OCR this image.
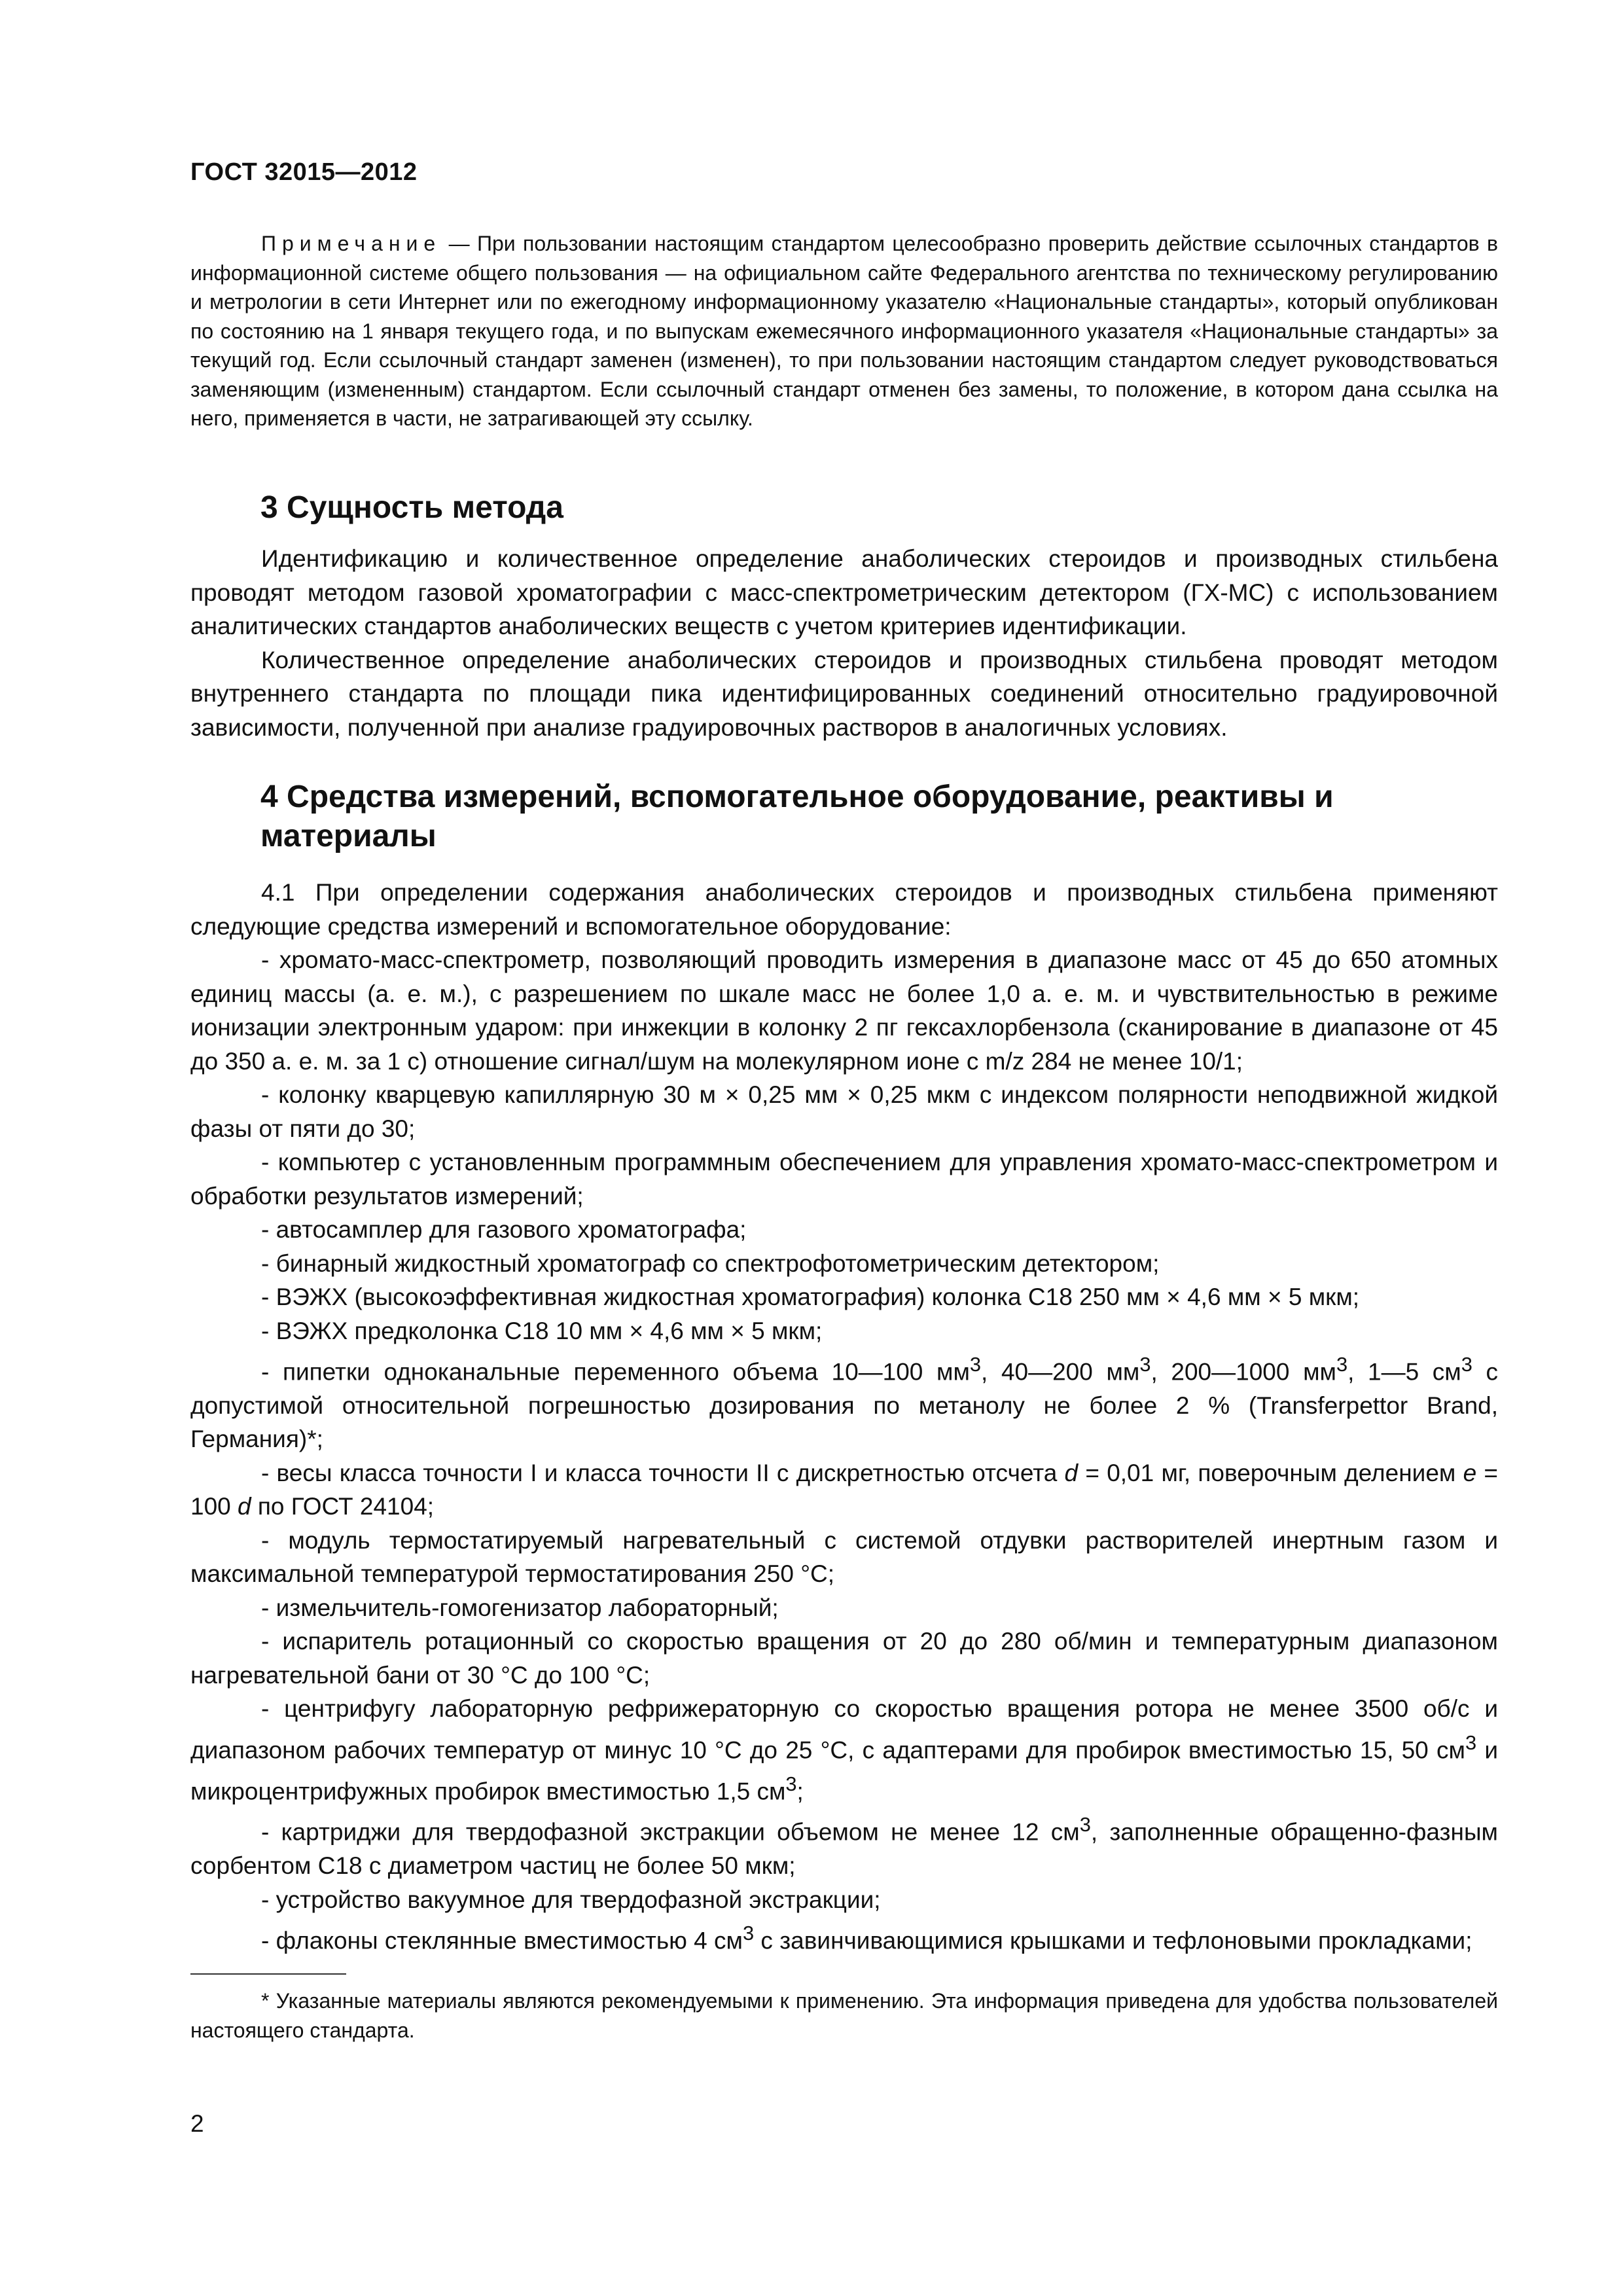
ГОСТ 32015—2012

Примечание — При пользовании настоящим стандартом целесообразно проверить действие ссылочных стандартов в информационной системе общего пользования — на официальном сайте Федерального агентства по техническому регулированию и метрологии в сети Интернет или по ежегодному информационному указателю «Национальные стандарты», который опубликован по состоянию на 1 января текущего года, и по выпускам ежемесячного информационного указателя «Национальные стандарты» за текущий год. Если ссылочный стандарт заменен (изменен), то при пользовании настоящим стандартом следует руководствоваться заменяющим (измененным) стандартом. Если ссылочный стандарт отменен без замены, то положение, в котором дана ссылка на него, применяется в части, не затрагивающей эту ссылку.

3 Сущность метода

Идентификацию и количественное определение анаболических стероидов и производных стильбена проводят методом газовой хроматографии с масс-спектрометрическим детектором (ГХ-МС) с использованием аналитических стандартов анаболических веществ с учетом критериев идентификации.

Количественное определение анаболических стероидов и производных стильбена проводят методом внутреннего стандарта по площади пика идентифицированных соединений относительно градуировочной зависимости, полученной при анализе градуировочных растворов в аналогичных условиях.

4 Средства измерений, вспомогательное оборудование, реактивы и материалы

4.1 При определении содержания анаболических стероидов и производных стильбена применяют следующие средства измерений и вспомогательное оборудование:

- хромато-масс-спектрометр, позволяющий проводить измерения в диапазоне масс от 45 до 650 атомных единиц массы (а. е. м.), с разрешением по шкале масс не более 1,0 а. е. м. и чувствительностью в режиме ионизации электронным ударом: при инжекции в колонку 2 пг гексахлорбензола (сканирование в диапазоне от 45 до 350 а. е. м. за 1 с) отношение сигнал/шум на молекулярном ионе с m/z 284 не менее 10/1;

- колонку кварцевую капиллярную 30 м × 0,25 мм × 0,25 мкм с индексом полярности неподвижной жидкой фазы от пяти до 30;

- компьютер с установленным программным обеспечением для управления хромато-масс-спектрометром и обработки результатов измерений;

- автосамплер для газового хроматографа;

- бинарный жидкостный хроматограф со спектрофотометрическим детектором;

- ВЭЖХ (высокоэффективная жидкостная хроматография) колонка С18 250 мм × 4,6 мм × 5 мкм;

- ВЭЖХ предколонка С18 10 мм × 4,6 мм × 5 мкм;

- пипетки одноканальные переменного объема 10—100 $мм^3$, 40—200 $мм^3$, 200—1000 $мм^3$, 1—5 $см^3$ с допустимой относительной погрешностью дозирования по метанолу не более 2 % (Transferpettor Brand, Германия)*;

- весы класса точности I и класса точности II с дискретностью отсчета d = 0,01 мг, поверочным делением e = 100 d по ГОСТ 24104;

- модуль термостатируемый нагревательный с системой отдувки растворителей инертным газом и максимальной температурой термостатирования 250 °С;

- измельчитель-гомогенизатор лабораторный;

- испаритель ротационный со скоростью вращения от 20 до 280 об/мин и температурным диапазоном нагревательной бани от 30 °С до 100 °С;

- центрифугу лабораторную рефрижераторную со скоростью вращения ротора не менее 3500 об/с и диапазоном рабочих температур от минус 10 °С до 25 °С, с адаптерами для пробирок вместимостью 15, 50 $см^3$ и микроцентрифужных пробирок вместимостью 1,5 $см^3$;

- картриджи для твердофазной экстракции объемом не менее 12 $см^3$, заполненные обращенно-фазным сорбентом С18 с диаметром частиц не более 50 мкм;

- устройство вакуумное для твердофазной экстракции;

- флаконы стеклянные вместимостью 4 $см^3$ с завинчивающимися крышками и тефлоновыми прокладками;

* Указанные материалы являются рекомендуемыми к применению. Эта информация приведена для удобства пользователей настоящего стандарта.

2
